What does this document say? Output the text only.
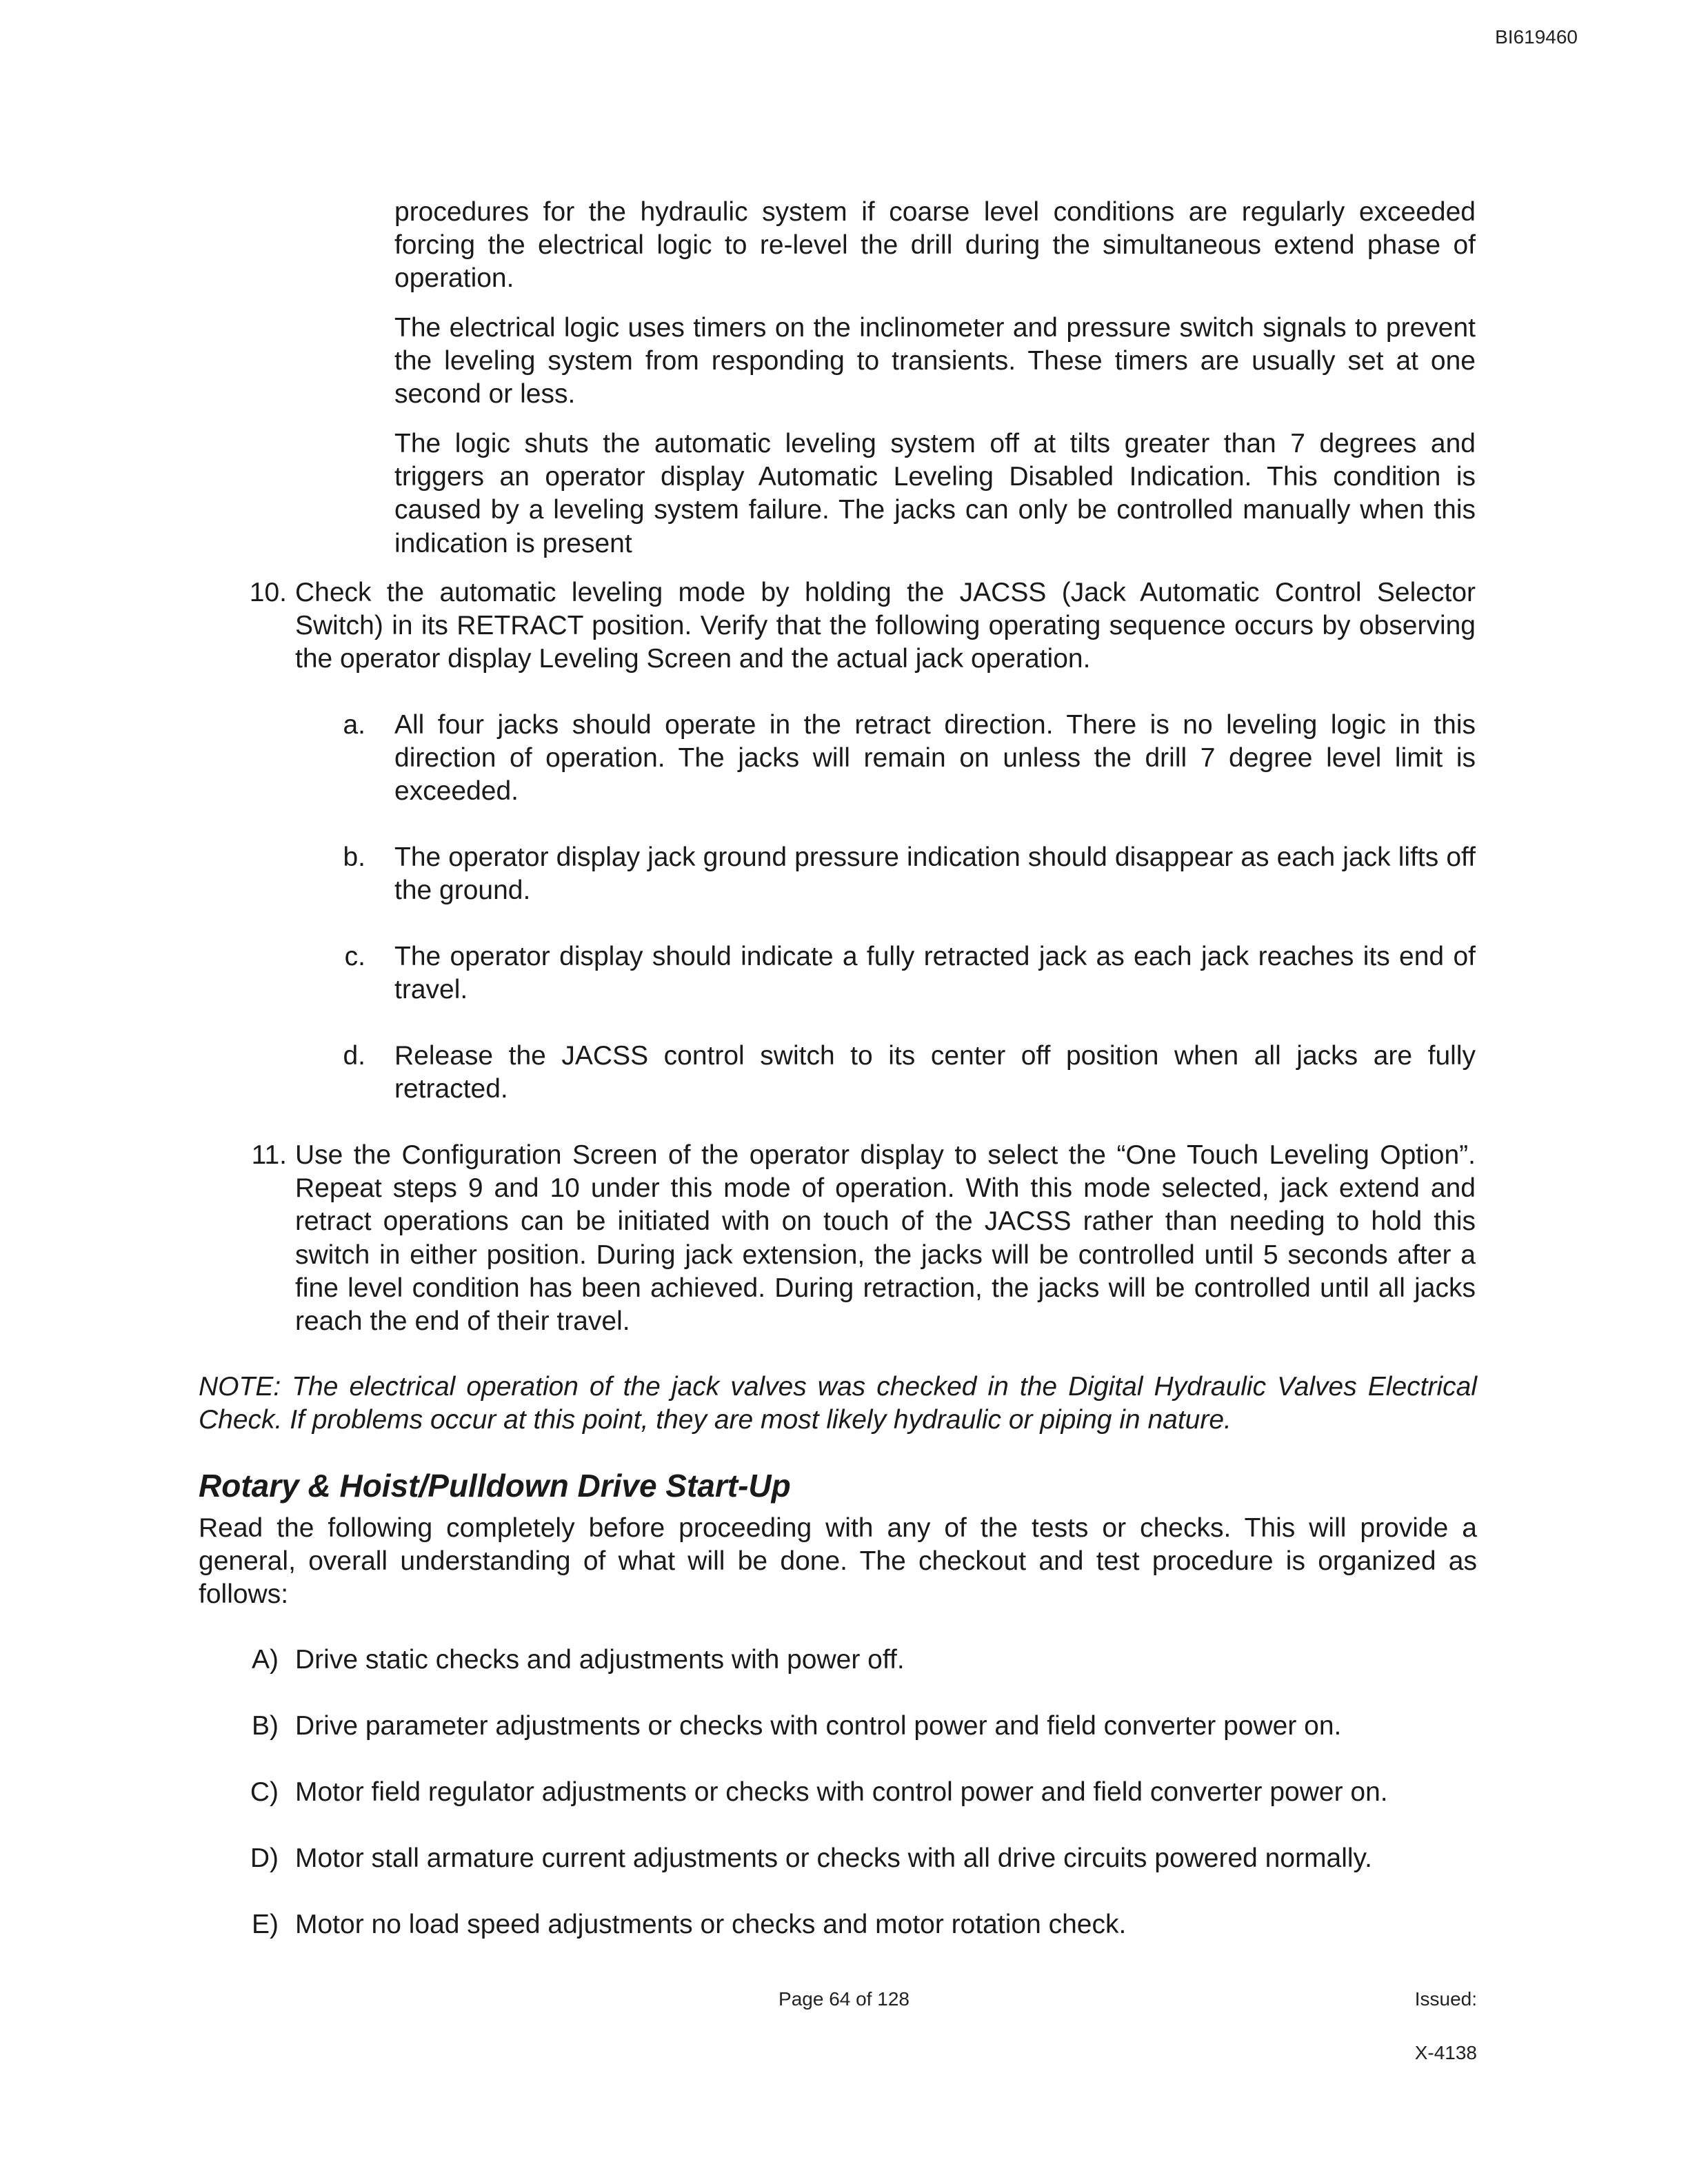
BI619460
procedures for the hydraulic system if coarse level conditions are regularly exceeded forcing the electrical logic to re-level the drill during the simultaneous extend phase of operation.
The electrical logic uses timers on the inclinometer and pressure switch signals to prevent the leveling system from responding to transients. These timers are usually set at one second or less.
The logic shuts the automatic leveling system off at tilts greater than 7 degrees and triggers an operator display Automatic Leveling Disabled Indication. This condition is caused by a leveling system failure. The jacks can only be controlled manually when this indication is present
10. Check the automatic leveling mode by holding the JACSS (Jack Automatic Control Selector Switch) in its RETRACT position. Verify that the following operating sequence occurs by observing the operator display Leveling Screen and the actual jack operation.
a. All four jacks should operate in the retract direction. There is no leveling logic in this direction of operation. The jacks will remain on unless the drill 7 degree level limit is exceeded.
b. The operator display jack ground pressure indication should disappear as each jack lifts off the ground.
c. The operator display should indicate a fully retracted jack as each jack reaches its end of travel.
d. Release the JACSS control switch to its center off position when all jacks are fully retracted.
11. Use the Configuration Screen of the operator display to select the “One Touch Leveling Option”. Repeat steps 9 and 10 under this mode of operation. With this mode selected, jack extend and retract operations can be initiated with on touch of the JACSS rather than needing to hold this switch in either position. During jack extension, the jacks will be controlled until 5 seconds after a fine level condition has been achieved. During retraction, the jacks will be controlled until all jacks reach the end of their travel.
NOTE: The electrical operation of the jack valves was checked in the Digital Hydraulic Valves Electrical Check. If problems occur at this point, they are most likely hydraulic or piping in nature.
Rotary & Hoist/Pulldown Drive Start-Up
Read the following completely before proceeding with any of the tests or checks. This will provide a general, overall understanding of what will be done. The checkout and test procedure is organized as follows:
A) Drive static checks and adjustments with power off.
B) Drive parameter adjustments or checks with control power and field converter power on.
C) Motor field regulator adjustments or checks with control power and field converter power on.
D) Motor stall armature current adjustments or checks with all drive circuits powered normally.
E) Motor no load speed adjustments or checks and motor rotation check.
Page 64 of 128	Issued:
X-4138
